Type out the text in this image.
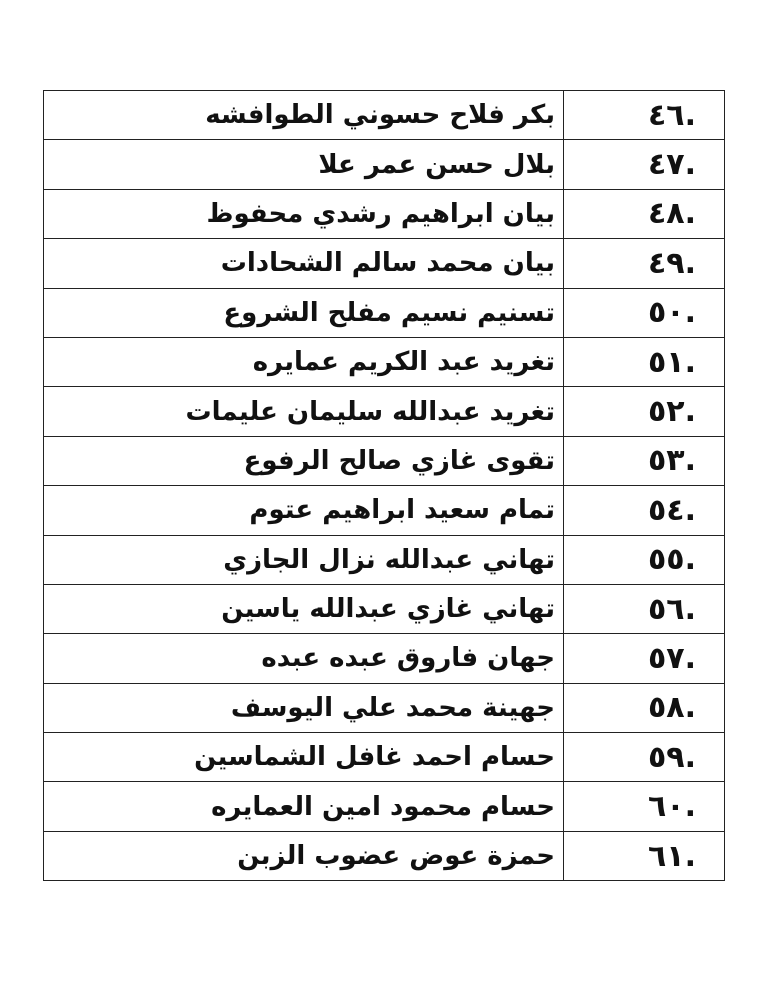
.٤٦	بكر فلاح حسوني الطوافشه
.٤٧	بلال حسن عمر علا
.٤٨	بيان ابراهيم رشدي محفوظ
.٤٩	بيان محمد سالم الشحادات
.٥٠	تسنيم نسيم مفلح الشروع
.٥١	تغريد عبد الكريم عمايره
.٥٢	تغريد عبدالله سليمان عليمات
.٥٣	تقوى غازي صالح الرفوع
.٥٤	تمام سعيد ابراهيم عتوم
.٥٥	تهاني عبدالله نزال الجازي
.٥٦	تهاني غازي عبدالله ياسين
.٥٧	جهان فاروق عبده عبده
.٥٨	جهينة محمد علي اليوسف
.٥٩	حسام احمد غافل الشماسين
.٦٠	حسام محمود امين العمايره
.٦١	حمزة عوض عضوب الزبن
